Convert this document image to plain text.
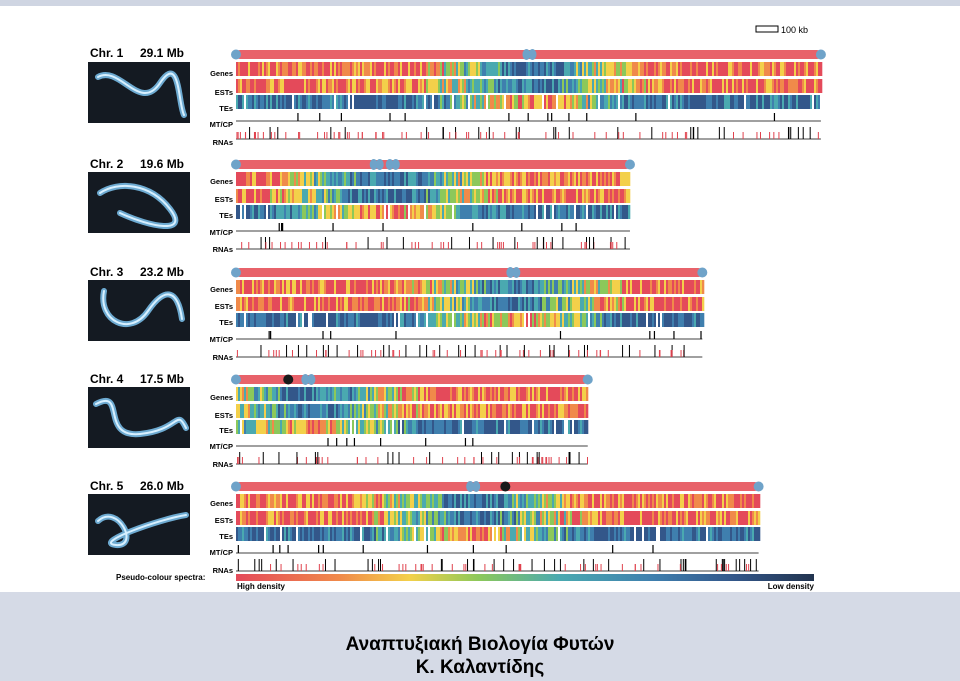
100 kb
Chr. 1 29.1 Mb
Genes
ESTs
TEs
MT/CP
RNAs
Chr. 2 19.6 Mb
Genes
ESTs
TEs
MT/CP
RNAs
Chr. 3 23.2 Mb
Genes
ESTs
TEs
MT/CP
RNAs
Chr. 4 17.5 Mb
Genes
ESTs
TEs
MT/CP
RNAs
Chr. 5 26.0 Mb
Genes
ESTs
TEs
MT/CP
RNAs
Pseudo-colour spectra:
High density	Low density
Αναπτυξιακή Βιολογία Φυτών
Κ. Καλαντίδης
